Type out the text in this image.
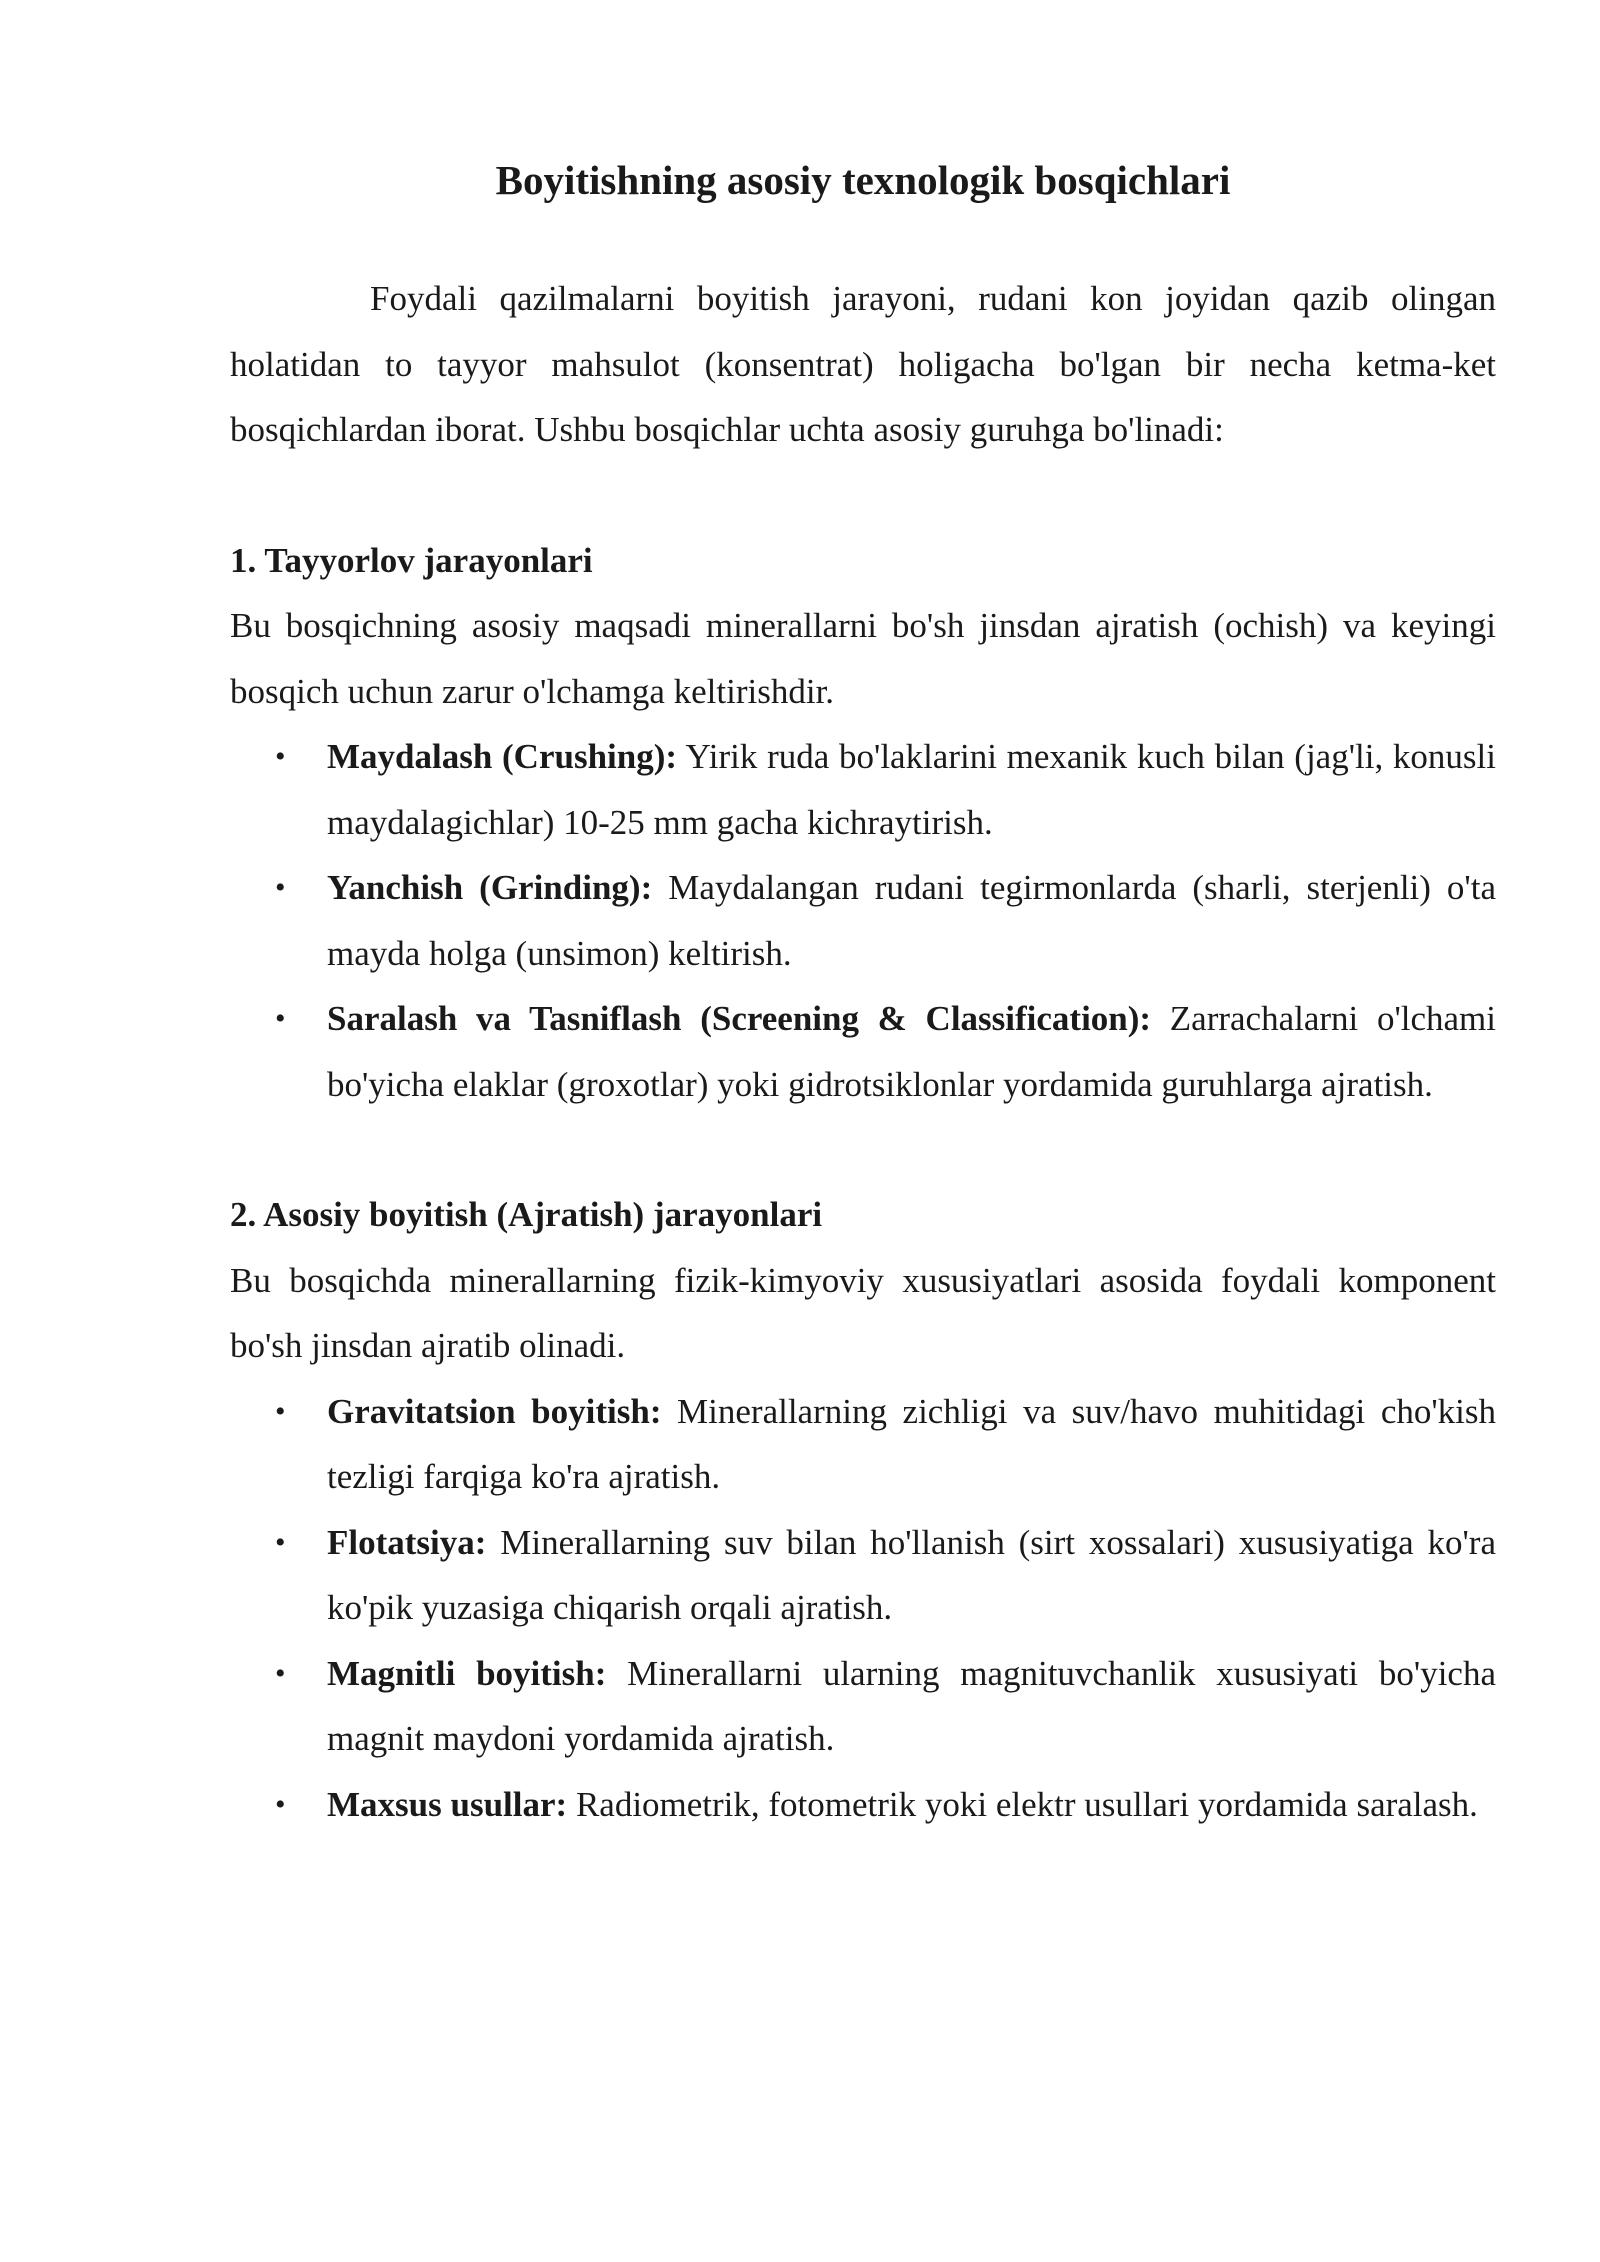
Boyitishning asosiy texnologik bosqichlari

Foydali qazilmalarni boyitish jarayoni, rudani kon joyidan qazib olingan holatidan to tayyor mahsulot (konsentrat) holigacha bo'lgan bir necha ketma-ket bosqichlardan iborat. Ushbu bosqichlar uchta asosiy guruhga bo'linadi:

1. Tayyorlov jarayonlari

Bu bosqichning asosiy maqsadi minerallarni bo'sh jinsdan ajratish (ochish) va keyingi bosqich uchun zarur o'lchamga keltirishdir.

• Maydalash (Crushing): Yirik ruda bo'laklarini mexanik kuch bilan (jag'li, konusli maydalagichlar) 10-25 mm gacha kichraytirish.
• Yanchish (Grinding): Maydalangan rudani tegirmonlarda (sharli, sterjenli) o'ta mayda holga (unsimon) keltirish.
• Saralash va Tasniflash (Screening & Classification): Zarrachalarni o'lchami bo'yicha elaklar (groxotlar) yoki gidrotsiklonlar yordamida guruhlarga ajratish.
2. Asosiy boyitish (Ajratish) jarayonlari

Bu bosqichda minerallarning fizik-kimyoviy xususiyatlari asosida foydali komponent bo'sh jinsdan ajratib olinadi.

• Gravitatsion boyitish: Minerallarning zichligi va suv/havo muhitidagi cho'kish tezligi farqiga ko'ra ajratish.
• Flotatsiya: Minerallarning suv bilan ho'llanish (sirt xossalari) xususiyatiga ko'ra ko'pik yuzasiga chiqarish orqali ajratish.
• Magnitli boyitish: Minerallarni ularning magnituvchanlik xususiyati bo'yicha magnit maydoni yordamida ajratish.
• Maxsus usullar: Radiometrik, fotometrik yoki elektr usullari yordamida saralash.
